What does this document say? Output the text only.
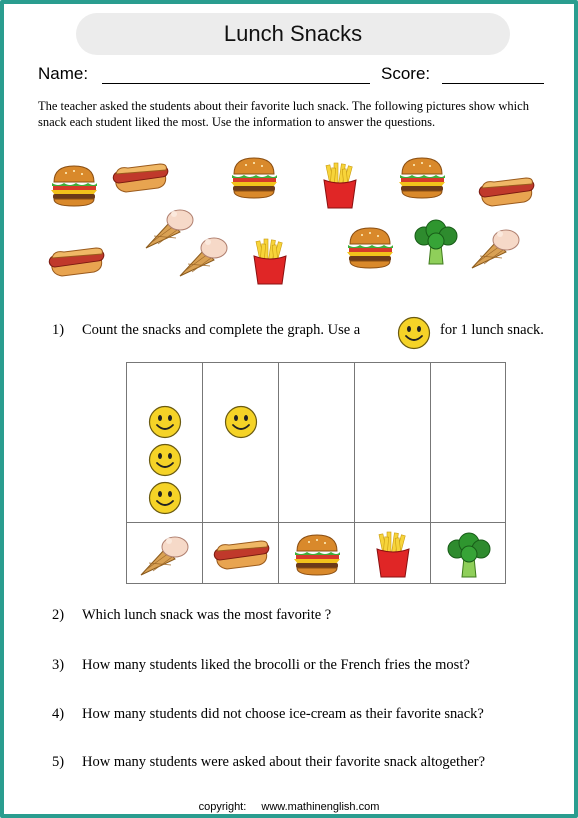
Lunch Snacks
Name:	Score:
The teacher asked the students about their favorite luch snack. The following pictures show which snack each student liked the most. Use the information to answer the questions.
1) Count the snacks and complete the graph. Use a	for 1 lunch snack.
2) Which lunch snack was the most favorite ?
3) How many students liked the brocolli or the French fries the most?
4) How many students did not choose ice-cream as their favorite snack?
5) How many students were asked about their favorite snack altogether?
copyright: www.mathinenglish.com
